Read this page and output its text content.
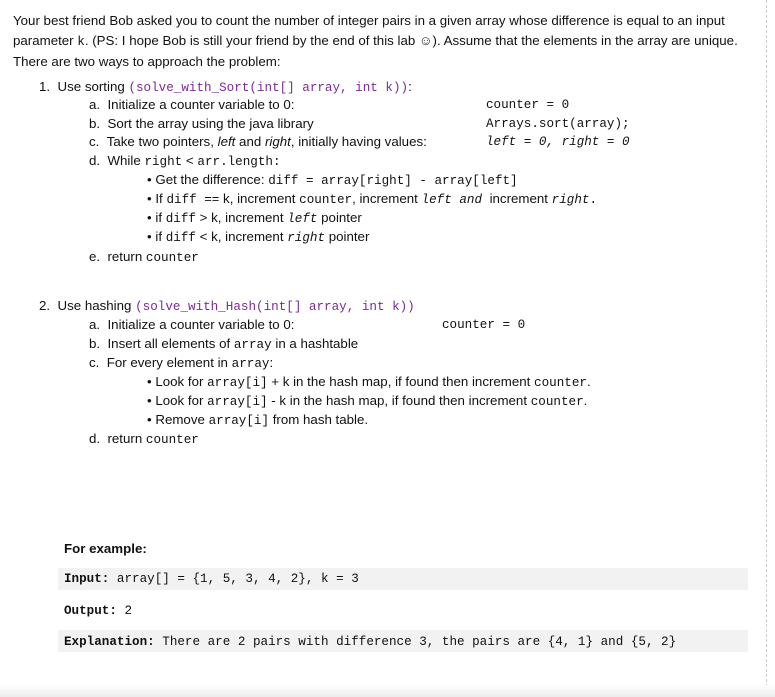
Your best friend Bob asked you to count the number of integer pairs in a given array whose difference is equal to an input parameter k. (PS: I hope Bob is still your friend by the end of this lab ☺). Assume that the elements in the array are unique. There are two ways to approach the problem:
1. Use sorting (solve_with_Sort(int[] array, int k)):
a. Initialize a counter variable to 0:	counter = 0
b. Sort the array using the java library	Arrays.sort(array);
c. Take two pointers, left and right, initially having values:	left = 0, right = 0
d. While right < arr.length:
• Get the difference: diff = array[right] - array[left]
• If diff == k, increment counter, increment left and increment right.
• if diff > k, increment left pointer
• if diff < k, increment right pointer
e. return counter
2. Use hashing (solve_with_Hash(int[] array, int k))
a. Initialize a counter variable to 0:	counter = 0
b. Insert all elements of array in a hashtable
c. For every element in array:
• Look for array[i] + k in the hash map, if found then increment counter.
• Look for array[i] - k in the hash map, if found then increment counter.
• Remove array[i] from hash table.
d. return counter
For example:
Input: array[] = {1, 5, 3, 4, 2}, k = 3
Output: 2
Explanation: There are 2 pairs with difference 3, the pairs are {4, 1} and {5, 2}
